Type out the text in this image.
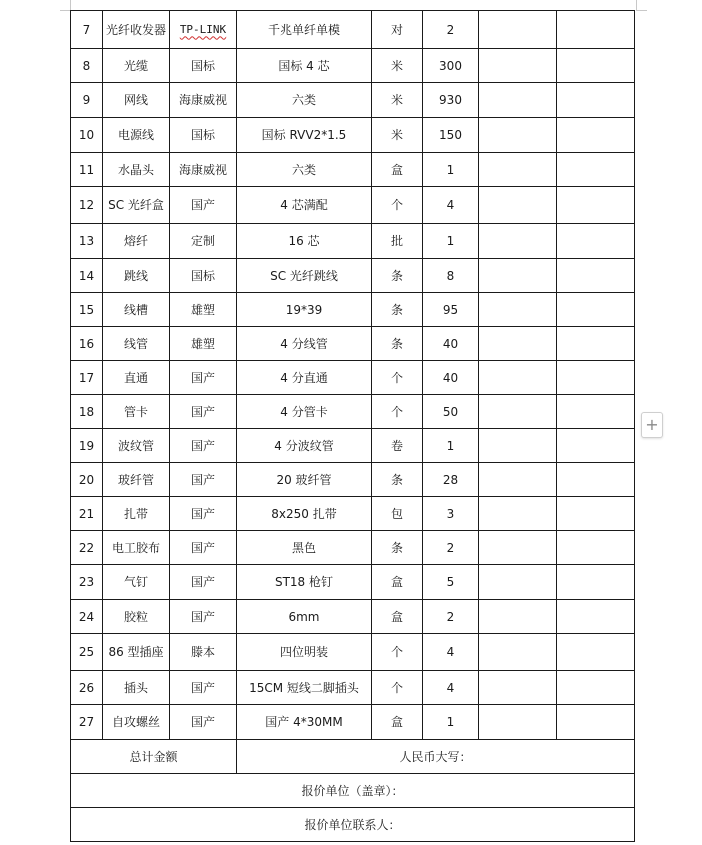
7	光纤收发器	TP-LINK	千兆单纤单模	对	2		
8	光缆	国标	国标 4 芯	米	300		
9	网线	海康威视	六类	米	930		
10	电源线	国标	国标 RVV2*1.5	米	150		
11	水晶头	海康威视	六类	盒	1		
12	SC 光纤盒	国产	4 芯满配	个	4		
13	熔纤	定制	16 芯	批	1		
14	跳线	国标	SC 光纤跳线	条	8		
15	线槽	雄塑	19*39	条	95		
16	线管	雄塑	4 分线管	条	40		
17	直通	国产	4 分直通	个	40		
18	管卡	国产	4 分管卡	个	50		
19	波纹管	国产	4 分波纹管	卷	1		
20	玻纤管	国产	20 玻纤管	条	28		
21	扎带	国产	8x250 扎带	包	3		
22	电工胶布	国产	黑色	条	2		
23	气钉	国产	ST18 枪钉	盒	5		
24	胶粒	国产	6mm	盒	2		
25	86 型插座	滕本	四位明装	个	4		
26	插头	国产	15CM 短线二脚插头	个	4		
27	自攻螺丝	国产	国产 4*30MM	盒	1		
总计金额			人民币大写：				
报价单位（盖章）：							
报价单位联系人：							
+
